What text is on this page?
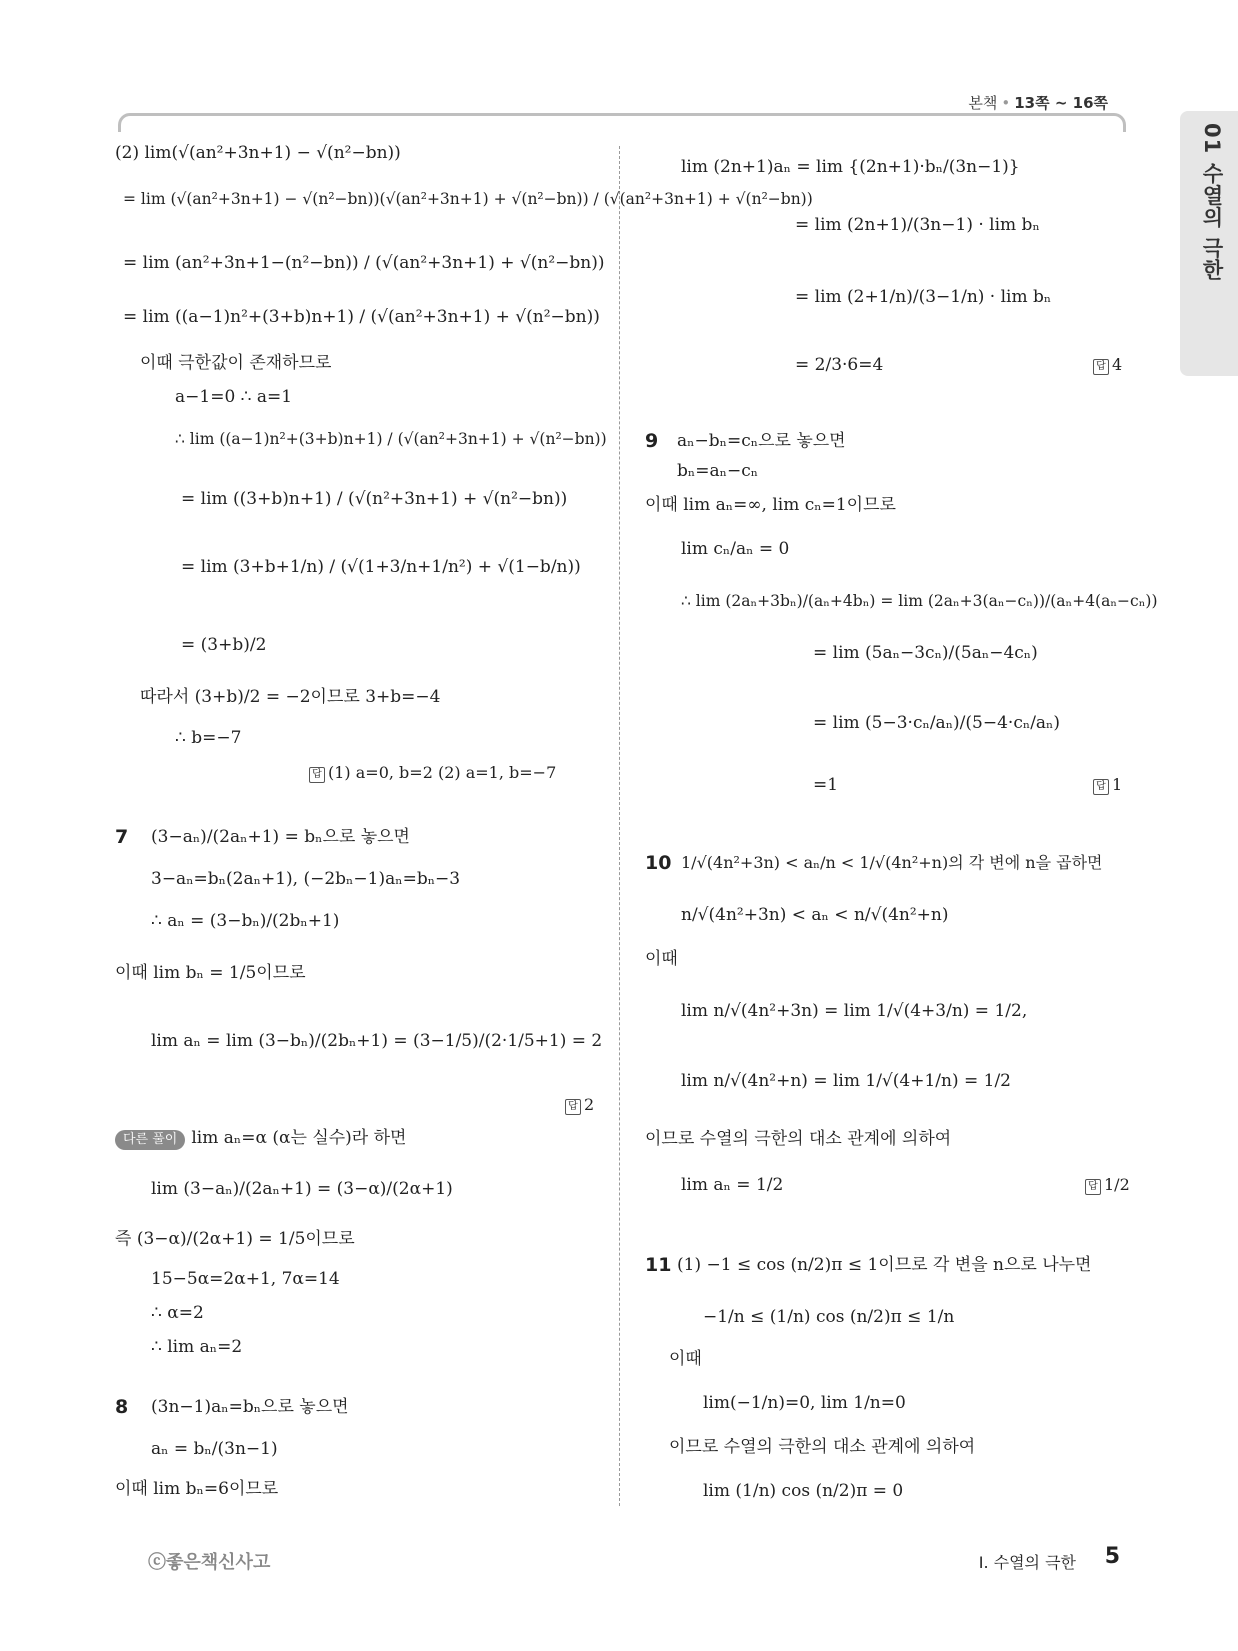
본책 • 13쪽 ~ 16쪽
01 수열의 극한
(2) lim(√(an²+3n+1) − √(n²−bn))
= lim (√(an²+3n+1) − √(n²−bn))(√(an²+3n+1) + √(n²−bn)) / (√(an²+3n+1) + √(n²−bn))
= lim (an²+3n+1−(n²−bn)) / (√(an²+3n+1) + √(n²−bn))
= lim ((a−1)n²+(3+b)n+1) / (√(an²+3n+1) + √(n²−bn))
이때 극한값이 존재하므로
a−1=0 ∴ a=1
∴ lim ((a−1)n²+(3+b)n+1) / (√(an²+3n+1) + √(n²−bn))
= lim ((3+b)n+1) / (√(n²+3n+1) + √(n²−bn))
= lim (3+b+1/n) / (√(1+3/n+1/n²) + √(1−b/n))
= (3+b)/2
따라서 (3+b)/2 = −2이므로 3+b=−4
∴ b=−7
답 (1) a=0, b=2 (2) a=1, b=−7
7 (3−aₙ)/(2aₙ+1) = bₙ으로 놓으면
3−aₙ=bₙ(2aₙ+1), (−2bₙ−1)aₙ=bₙ−3
∴ aₙ = (3−bₙ)/(2bₙ+1)
이때 lim bₙ = 1/5이므로
lim aₙ = lim (3−bₙ)/(2bₙ+1) = (3−1/5)/(2·1/5+1) = 2
답 2
다른 풀이 lim aₙ=α (α는 실수)라 하면
lim (3−aₙ)/(2aₙ+1) = (3−α)/(2α+1)
즉 (3−α)/(2α+1) = 1/5이므로
15−5α=2α+1, 7α=14
∴ α=2
∴ lim aₙ=2
8 (3n−1)aₙ=bₙ으로 놓으면
aₙ = bₙ/(3n−1)
이때 lim bₙ=6이므로
lim (2n+1)aₙ = lim {(2n+1)·bₙ/(3n−1)}
= lim (2n+1)/(3n−1) · lim bₙ
= lim (2+1/n)/(3−1/n) · lim bₙ
= 2/3·6=4	답 4
9 aₙ−bₙ=cₙ으로 놓으면
bₙ=aₙ−cₙ
이때 lim aₙ=∞, lim cₙ=1이므로
lim cₙ/aₙ = 0
∴ lim (2aₙ+3bₙ)/(aₙ+4bₙ) = lim (2aₙ+3(aₙ−cₙ))/(aₙ+4(aₙ−cₙ))
= lim (5aₙ−3cₙ)/(5aₙ−4cₙ)
= lim (5−3·cₙ/aₙ)/(5−4·cₙ/aₙ)
=1	답 1
10 1/√(4n²+3n) < aₙ/n < 1/√(4n²+n)의 각 변에 n을 곱하면
n/√(4n²+3n) < aₙ < n/√(4n²+n)
이때
lim n/√(4n²+3n) = lim 1/√(4+3/n) = 1/2,
lim n/√(4n²+n) = lim 1/√(4+1/n) = 1/2
이므로 수열의 극한의 대소 관계에 의하여
lim aₙ = 1/2	답 1/2
11 (1) −1 ≤ cos (n/2)π ≤ 1이므로 각 변을 n으로 나누면
−1/n ≤ (1/n) cos (n/2)π ≤ 1/n
이때
lim(−1/n)=0, lim 1/n=0
이므로 수열의 극한의 대소 관계에 의하여
lim (1/n) cos (n/2)π = 0
ⓒ좋은책신사고	Ⅰ. 수열의 극한 5
